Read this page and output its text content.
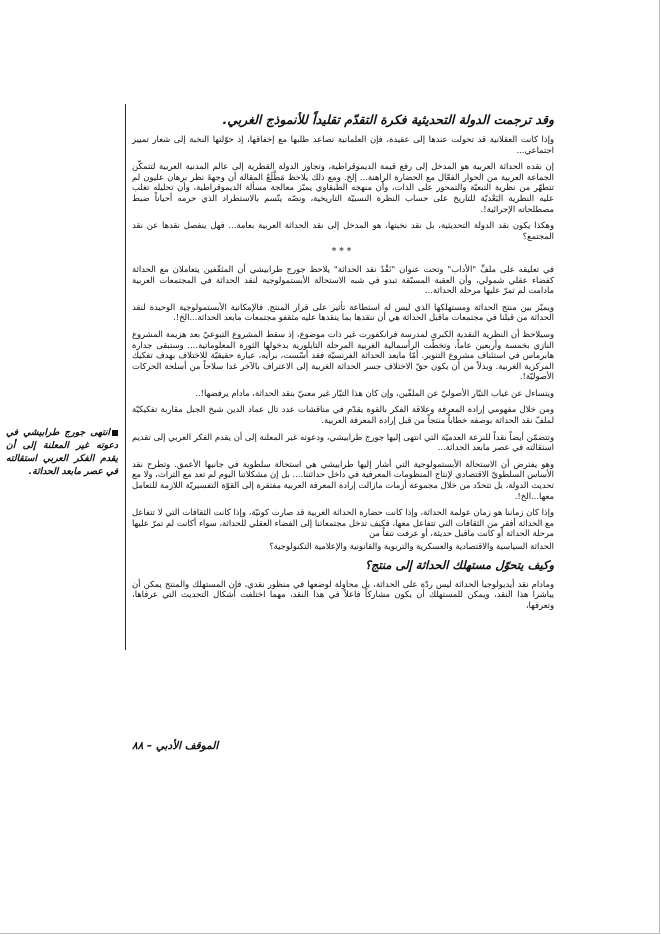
وقد ترجمت الدولة التحديثية فكرة التقدّم تقليداً للأنموذج الغربي.

وإذا كانت العقلانية قد تحولت عندها إلى عقيدة، فإن العلمانية تصاعد طلبها مع إخفاقها، إذ حوّلتها النخبة إلى شعار تمييز اجتماعي...

إن نقده الحداثة العربية هو المدخل إلى رفع قيمة الديموقراطية، وتجاوز الدولة القطرية إلى عالم المدنية العربية لتتمكّن الجماعة العربية من الحوار الفعّال مع الحضارة الراهنة... إلخ. ومع ذلك يلاحظ مَطْلَعُ المقالة أن وجهةَ نظر برهان عليون لم تتطهّر من نظرية التبعيّة والتمحور على الذات، وأن منهجه الطبقاوي يميّز معالجة مسألة الديموقراطية، وأن تحليله تغلب عليه النظرية البَعْديّة للتاريخ على حساب النظرة النسبيّة التاريخية، ونصّه يتّسم بالاستطراد الذي حرمه أحياناً ضبط مصطلحاته الإجرائية!.

وهكذا يكون نقد الدولة التحديثية، بل نقد نخبتها، هو المدخل إلى نقد الحداثة العربية بعامة... فهل ينفصل نقدها عن نقد المجتمع؟

***

في تعليقه على ملفِّ "الأداب" وتحت عنوان "نَقْدُ نقد الحداثة" يلاحظ جورج طرابيشي أن المثقّفين يتعاملان مع الحداثة كفضاء عقلي شمولي، وأن العقبة المسبّقة تبدو في شبه الاستحالة الأبستمولوجية لنقد الحداثة في المجتمعات العربية مادامت لم تمرّ عليها مرحلة الحداثة...

ويميّز بين منتج الحداثة ومستهلكها الذي ليس له استطاعة تأثير على قرار المنتج. فالإمكانية الأبستمولوجية الوحيدة لنقد الحداثة من قبلنا في مجتمعات ماقبل الحداثة هي أن ننقدها بما ينقدها عليه مثقفو مجتمعات مابعد الحداثة...الخ!.

وسيلاحظ أن النظرية النقدية الكبرى لمدرسة فرانكفورت غير ذات موضوع، إذ سقط المشروع التبوعيّ بعد هزيمة المشروع النازي بخمسة وأربعين عاماً، وتخطّت الرأسمالية الغربية المرحلة التايلورية بدخولها الثورة المعلوماتية.... وستبقى جدارة هابرماس في استئناف مشروع التنوير. أمّا مابعد الحداثة الفرنسيّة فقد أسّست، برأيه، عبارة حقيقيّة للاختلاف بهدف تفكيك المركزية الغربية. وبدلاً من أن يكون حقّ الاختلاف جسر الحداثة الغربية إلى الاعتراف بالآخر غدا سلاحاً من أسلحة الحركات الأصوليّة!.

ويتساءل عن غياب التيّار الأصوليّ عن الملفّين، وإن كان هذا التيّار غير معنيّ بنقد الحداثة، مادام يرفضها!..

ومن خلال مفهومي إرادة المعرفة وعلاقة الفكر بالقوة يقدّم في مناقشات عدد تال عماد الدين شيخ الجبل مقاربة تفكيكيّة لملفّ نقد الحداثة بوصفه خطاباً منتجاً من قبل إرادة المعرفة العربية.

وتتضمّن أيضاً نقداً للنزعة العدميّة التي انتهى إليها جورج طرابيشي، ودعوته غير المعلنة إلى أن يقدم الفكر العربي إلى تقديم استقالته في عصر مابعد الحداثة...

وهو يفترض أن الاستحالة الأبستمولوجية التي أشار إليها طرابيشي هي استحالة سلطوية في جانبها الأعمق. وتطرح نقد الأساس السلطويّ الاقتصادي لإنتاج المنظومات المعرفية في داخل حداثتنا.... بل إن مشكلاتنا اليوم لم تعد مع التراث، ولا مع تحديث الدولة، بل تتحدّد من خلال مجموعة أزمات مازالت إرادة المعرفة العربية مفتقرة إلى القوّة التفسيريّة اللازمة للتعامل معها...الخ!.

وإذا كان زماننا هو زمان عولمة الحداثة، وإذا كانت حضارة الحداثة الغربية قد صارت كونيّة، وإذا كانت الثقافات التي لا تتفاعل مع الحداثة أفقر من الثقافات التي تتفاعل معها، فكيف تدخل مجتمعاتنا إلى الفضاء العقلي للحداثة، سواء أكانت لم تمرّ عليها مرحلة الحداثة أو كانت ماقبل حديثة، أو عرفت نتفاً من

الحداثة السياسية والاقتصادية والعسكرية والتربوية والقانونية والإعلامية التكنولوجية؟

وكيف يتحوّل مستهلك الحداثة إلى منتج؟

ومادام نقد أيديولوجيا الحداثة ليس ردّة على الحداثة، بل محاولة لوضعها في منظور نقدي، فإن المستهلك والمنتج يمكن أن يباشرا هذا النقد، ويمكن للمستهلك أن يكون مشاركاً فاعلاً في هذا النقد، مهما اختلفت أشكال التحديث التي عرفاها، وتعرفها،

انتهى جورج طرابيشي في دعوته غير المعلنة إلى أن يقدم الفكر العربي استقالته في عصر مابعد الحداثة.
الموقف الأدبي – ٨٨
